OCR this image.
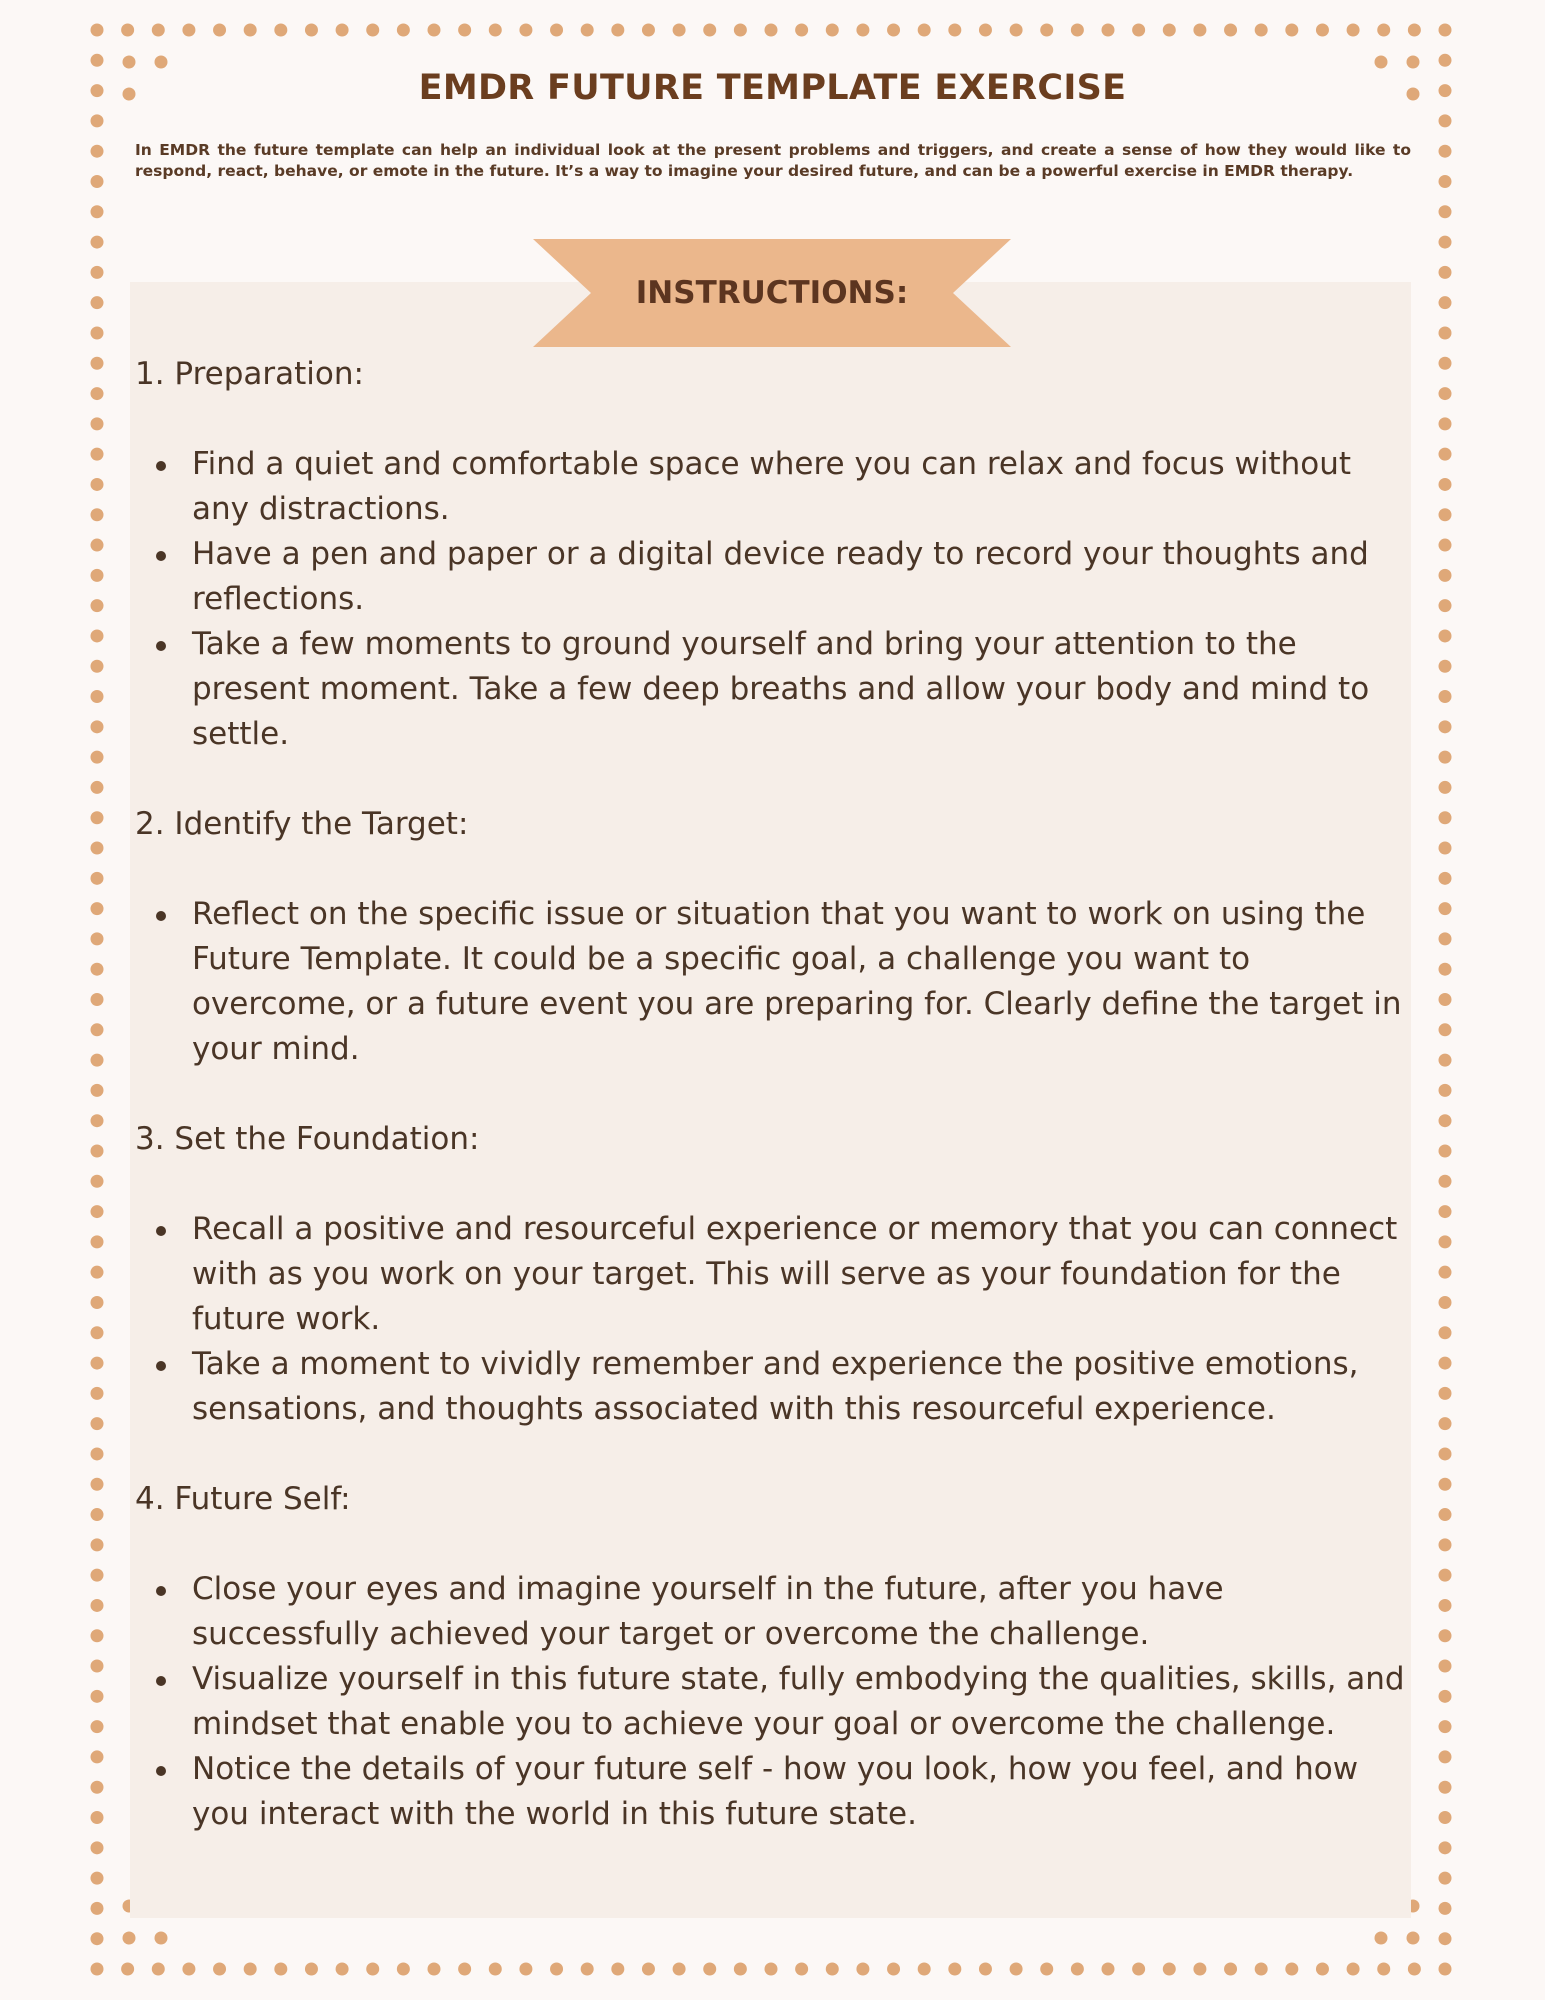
EMDR FUTURE TEMPLATE EXERCISE

In EMDR the future template can help an individual look at the present problems and triggers, and create a sense of how they would like to respond, react, behave, or emote in the future. It’s a way to imagine your desired future, and can be a powerful exercise in EMDR therapy.

INSTRUCTIONS:
1. Preparation:
Find a quiet and comfortable space where you can relax and focus without any distractions.
Have a pen and paper or a digital device ready to record your thoughts and reflections.
Take a few moments to ground yourself and bring your attention to the present moment. Take a few deep breaths and allow your body and mind to settle.
2. Identify the Target:
Reflect on the specific issue or situation that you want to work on using the Future Template. It could be a specific goal, a challenge you want to overcome, or a future event you are preparing for. Clearly define the target in your mind.
3. Set the Foundation:
Recall a positive and resourceful experience or memory that you can connect with as you work on your target. This will serve as your foundation for the future work.
Take a moment to vividly remember and experience the positive emotions, sensations, and thoughts associated with this resourceful experience.
4. Future Self:
Close your eyes and imagine yourself in the future, after you have successfully achieved your target or overcome the challenge.
Visualize yourself in this future state, fully embodying the qualities, skills, and mindset that enable you to achieve your goal or overcome the challenge.
Notice the details of your future self - how you look, how you feel, and how you interact with the world in this future state.
